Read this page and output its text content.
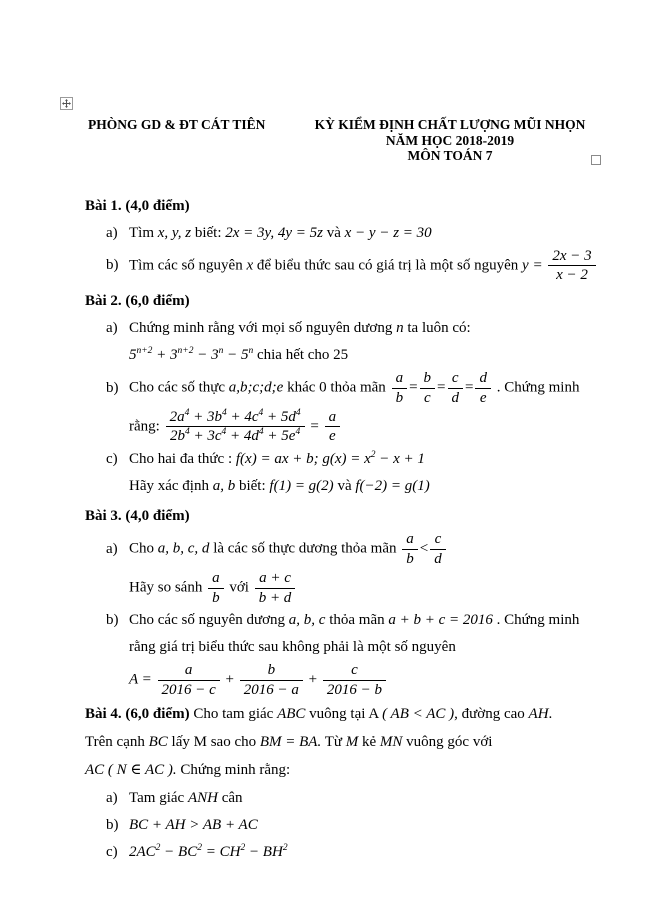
PHÒNG GD & ĐT CÁT TIÊN	KỲ KIỂM ĐỊNH CHẤT LƯỢNG MŨI NHỌN
NĂM HỌC 2018-2019
MÔN TOÁN 7
Bài 1. (4,0 điểm)
a) Tìm x, y, z biết: 2x = 3y, 4y = 5z và x − y − z = 30
b) Tìm các số nguyên x để biểu thức sau có giá trị là một số nguyên $y = \frac{2x - 3}{x - 2}$
Bài 2. (6,0 điểm)
a) Chứng minh rằng với mọi số nguyên dương n ta luôn có:
$5^{n+2} + 3^{n+2} - 3^n - 5^n$ chia hết cho 25
b) Cho các số thực a,b;c;d;e khác 0 thỏa mãn $\frac{a}{b} = \frac{b}{c} = \frac{c}{d} = \frac{d}{e}$ . Chứng minh
rằng: $\frac{2a^4 + 3b^4 + 4c^4 + 5d^4}{2b^4 + 3c^4 + 4d^4 + 5e^4} = \frac{a}{e}$
c) Cho hai đa thức : f(x) = ax + b; $g(x) = x^2 - x + 1$
Hãy xác định a, b biết: f(1) = g(2) và f(−2) = g(1)
Bài 3. (4,0 điểm)
a) Cho a, b, c, d là các số thực dương thỏa mãn $\frac{a}{b} < \frac{c}{d}$
Hãy so sánh $\frac{a}{b}$ với $\frac{a + c}{b + d}$
b) Cho các số nguyên dương a, b, c thỏa mãn a + b + c = 2016 . Chứng minh
rằng giá trị biểu thức sau không phải là một số nguyên
$A = \frac{a}{2016 - c} + \frac{b}{2016 - a} + \frac{c}{2016 - b}$
Bài 4. (6,0 điểm) Cho tam giác ABC vuông tại A ( AB < AC ), đường cao AH.
Trên cạnh BC lấy M sao cho BM = BA. Từ M kẻ MN vuông góc với
AC ( N ∈ AC ). Chứng minh rằng:
a) Tam giác ANH cân
b) BC + AH > AB + AC
c) $2AC^2 - BC^2 = CH^2 - BH^2$
